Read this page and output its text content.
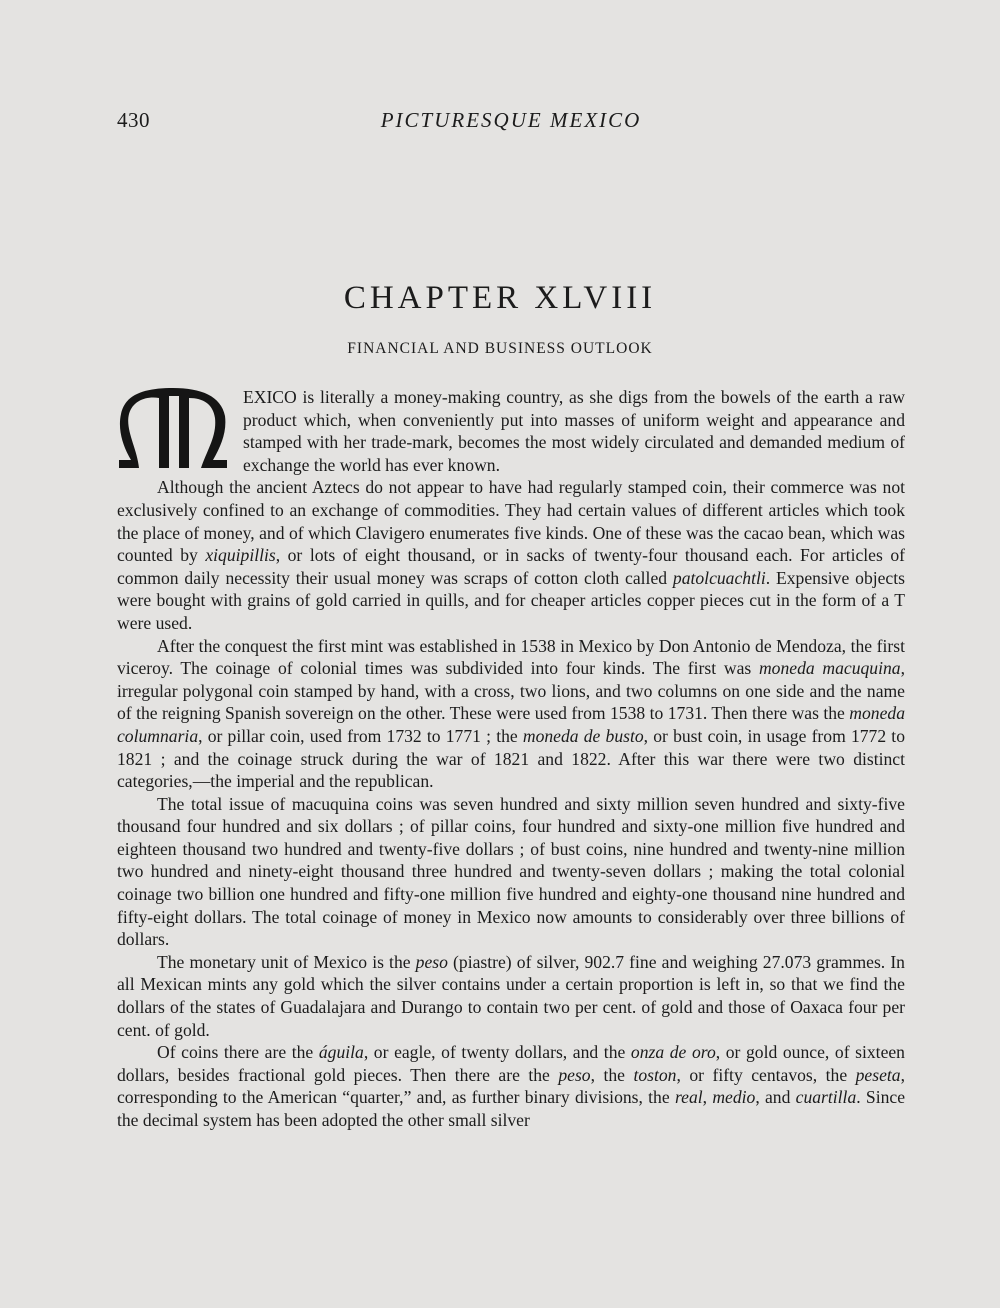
430	PICTURESQUE MEXICO
CHAPTER XLVIII
FINANCIAL AND BUSINESS OUTLOOK

EXICO is literally a money-making country, as she digs from the bowels of the earth a raw product which, when conveniently put into masses of uniform weight and appearance and stamped with her trade-mark, becomes the most widely circulated and demanded medium of exchange the world has ever known.

Although the ancient Aztecs do not appear to have had regularly stamped coin, their commerce was not exclusively confined to an exchange of commodities. They had certain values of different articles which took the place of money, and of which Clavigero enumerates five kinds. One of these was the cacao bean, which was counted by xiquipillis, or lots of eight thousand, or in sacks of twenty-four thousand each. For articles of common daily necessity their usual money was scraps of cotton cloth called patolcuachtli. Expensive objects were bought with grains of gold carried in quills, and for cheaper articles copper pieces cut in the form of a T were used.

After the conquest the first mint was established in 1538 in Mexico by Don Antonio de Mendoza, the first viceroy. The coinage of colonial times was subdivided into four kinds. The first was moneda macuquina, irregular polygonal coin stamped by hand, with a cross, two lions, and two columns on one side and the name of the reigning Spanish sovereign on the other. These were used from 1538 to 1731. Then there was the moneda columnaria, or pillar coin, used from 1732 to 1771 ; the moneda de busto, or bust coin, in usage from 1772 to 1821 ; and the coinage struck during the war of 1821 and 1822. After this war there were two distinct categories,—the imperial and the republican.

The total issue of macuquina coins was seven hundred and sixty million seven hundred and sixty-five thousand four hundred and six dollars ; of pillar coins, four hundred and sixty-one million five hundred and eighteen thousand two hundred and twenty-five dollars ; of bust coins, nine hundred and twenty-nine million two hundred and ninety-eight thousand three hundred and twenty-seven dollars ; making the total colonial coinage two billion one hundred and fifty-one million five hundred and eighty-one thousand nine hundred and fifty-eight dollars. The total coinage of money in Mexico now amounts to considerably over three billions of dollars.

The monetary unit of Mexico is the peso (piastre) of silver, 902.7 fine and weighing 27.073 grammes. In all Mexican mints any gold which the silver contains under a certain proportion is left in, so that we find the dollars of the states of Guadalajara and Durango to contain two per cent. of gold and those of Oaxaca four per cent. of gold.

Of coins there are the águila, or eagle, of twenty dollars, and the onza de oro, or gold ounce, of sixteen dollars, besides fractional gold pieces. Then there are the peso, the toston, or fifty centavos, the peseta, corresponding to the American “quarter,” and, as further binary divisions, the real, medio, and cuartilla. Since the decimal system has been adopted the other small silver
